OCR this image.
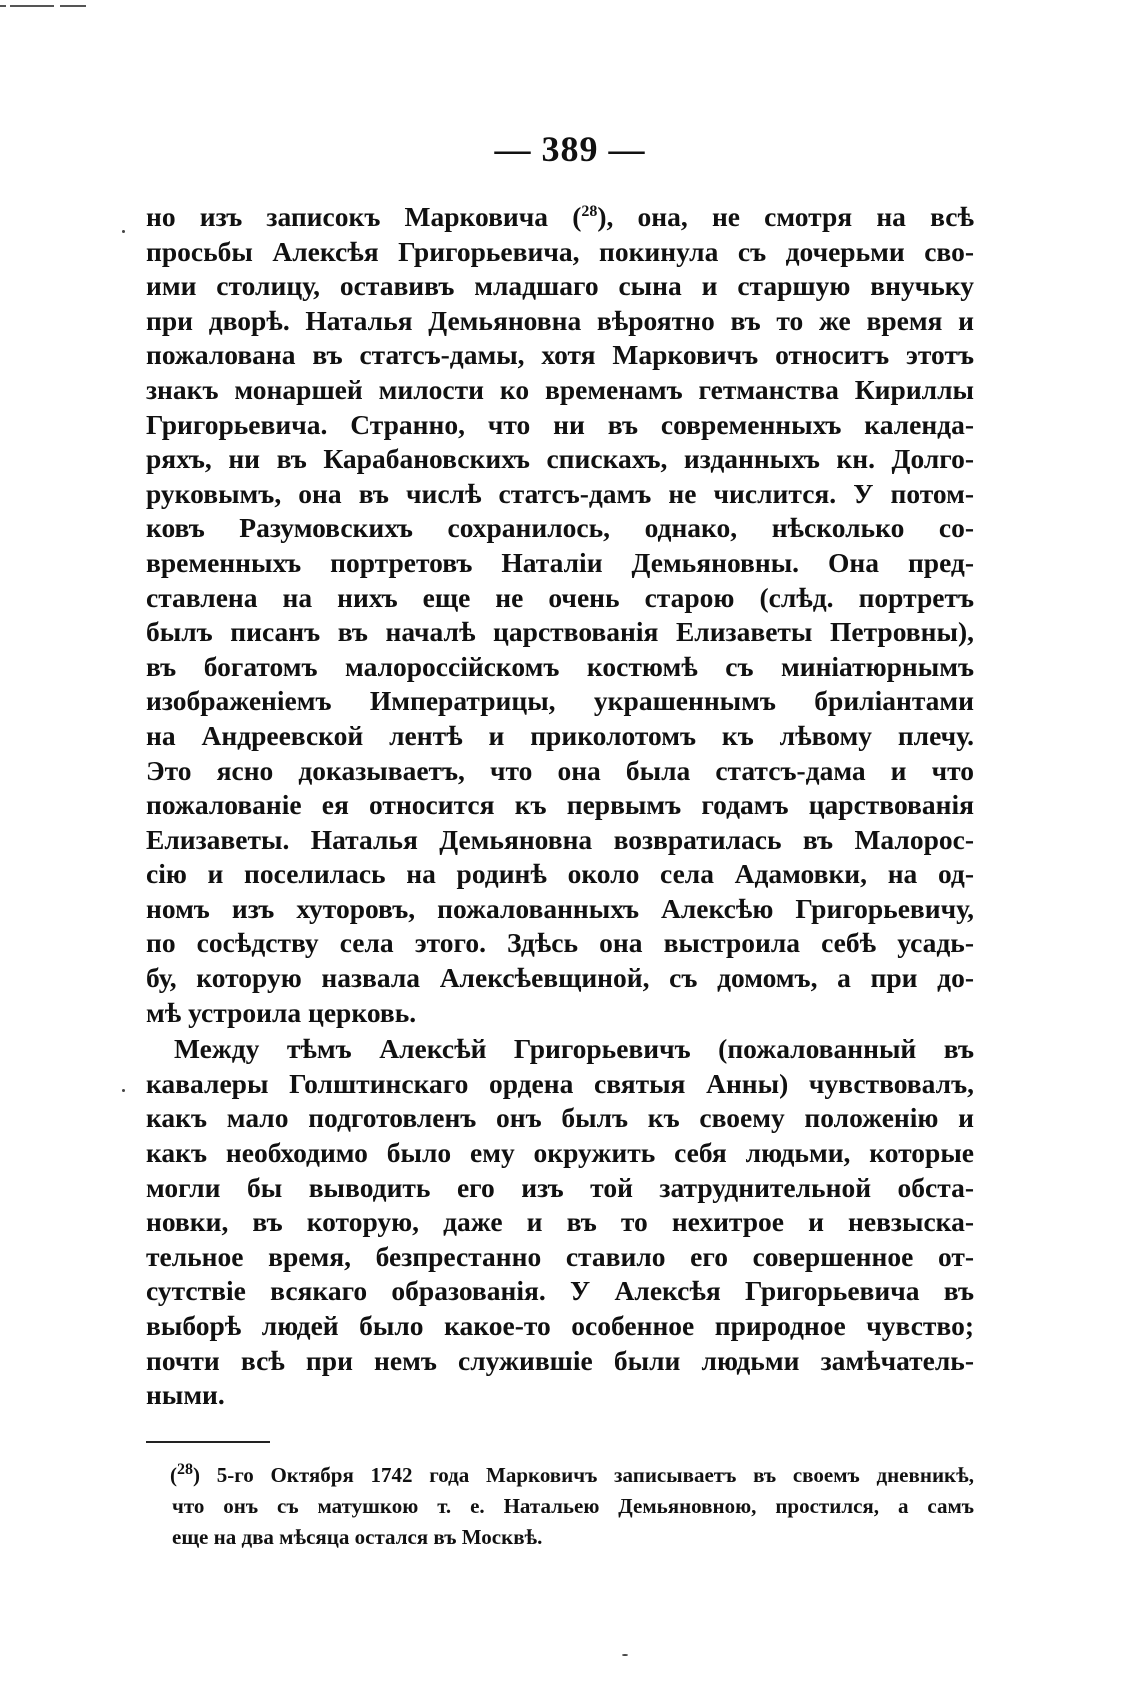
— 389 —
но изъ записокъ Марковича ($^{28}$), она, не смотря на всѣ
просьбы Алексѣя Григорьевича, покинула съ дочерьми сво-
ими столицу, оставивъ младшаго сына и старшую внучьку
при дворѣ. Наталья Демьяновна вѣроятно въ то же время и
пожалована въ статсъ-дамы, хотя Марковичъ относитъ этотъ
знакъ монаршей милости ко временамъ гетманства Кириллы
Григорьевича. Странно, что ни въ современныхъ календа-
ряхъ, ни въ Карабановскихъ спискахъ, изданныхъ кн. Долго-
руковымъ, она въ числѣ статсъ-дамъ не числится. У потом-
ковъ Разумовскихъ сохранилось, однако, нѣсколько со-
временныхъ портретовъ Наталіи Демьяновны. Она пред-
ставлена на нихъ еще не очень старою (слѣд. портретъ
былъ писанъ въ началѣ царствованія Елизаветы Петровны),
въ богатомъ малороссійскомъ костюмѣ съ миніатюрнымъ
изображеніемъ Императрицы, украшеннымъ бриліантами
на Андреевской лентѣ и приколотомъ къ лѣвому плечу.
Это ясно доказываетъ, что она была статсъ-дама и что
пожалованіе ея относится къ первымъ годамъ царствованія
Елизаветы. Наталья Демьяновна возвратилась въ Малорос-
сію и поселилась на родинѣ около села Адамовки, на од-
номъ изъ хуторовъ, пожалованныхъ Алексѣю Григорьевичу,
по сосѣдству села этого. Здѣсь она выстроила себѣ усадь-
бу, которую назвала Алексѣевщиной, съ домомъ, а при до-
мѣ устроила церковь.
Между тѣмъ Алексѣй Григорьевичъ (пожалованный въ
кавалеры Голштинскаго ордена святыя Анны) чувствовалъ,
какъ мало подготовленъ онъ былъ къ своему положенію и
какъ необходимо было ему окружить себя людьми, которые
могли бы выводить его изъ той затруднительной обста-
новки, въ которую, даже и въ то нехитрое и невзыска-
тельное время, безпрестанно ставило его совершенное от-
сутствіе всякаго образованія. У Алексѣя Григорьевича въ
выборѣ людей было какое-то особенное природное чувство;
почти всѣ при немъ служившіе были людьми замѣчатель-
ными.
($^{28}$) 5-го Октября 1742 года Марковичъ записываетъ въ своемъ дневникѣ,
что онъ съ матушкою т. е. Натальею Демьяновною, простился, а самъ
еще на два мѣсяца остался въ Москвѣ.
